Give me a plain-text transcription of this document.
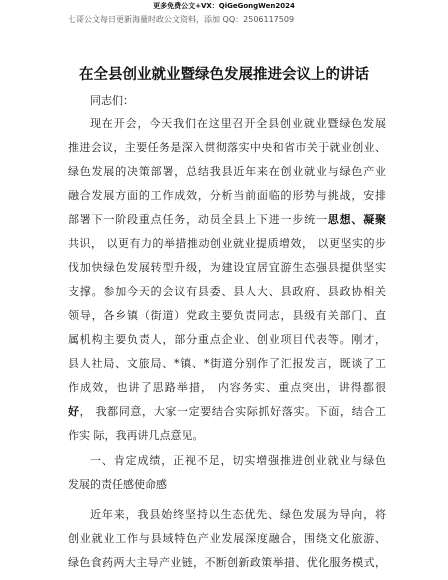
更多免费公文+VX：QiGeGongWen2024
七哥公文每日更新海量时政公文资料，添加 QQ：2506117509
在全县创业就业暨绿色发展推进会议上的讲话
同志们：
现在开会，今天我们在这里召开全县创业就业暨绿色发展
推进会议，主要任务是深入贯彻落实中央和省市关于就业创业、
绿色发展的决策部署，总结我县近年来在创业就业与绿色产业
融合发展方面的工作成效，分析当前面临的形势与挑战，安排
部署下一阶段重点任务，动员全县上下进一步统一思想、凝聚
共识， 以更有力的举措推动创业就业提质增效， 以更坚实的步
伐加快绿色发展转型升级，为建设宜居宜游生态强县提供坚实
支撑。参加今天的会议有县委、县人大、县政府、县政协相关
领导，各乡镇（街道）党政主要负责同志，县级有关部门、直
属机构主要负责人，部分重点企业、创业项目代表等。刚才，
县人社局、文旅局、*镇、*街道分别作了汇报发言，既谈了工
作成效，也讲了思路举措， 内容务实、重点突出，讲得都很
好， 我都同意，大家一定要结合实际抓好落实。下面，结合工
作实 际，我再讲几点意见。
一、肯定成绩，正视不足，切实增强推进创业就业与绿色
发展的责任感使命感
近年来，我县始终坚持以生态优先、绿色发展为导向，将
创业就业工作与县域特色产业发展深度融合，围绕文化旅游、
绿色食药两大主导产业链，不断创新政策举措、优化服务模式，
